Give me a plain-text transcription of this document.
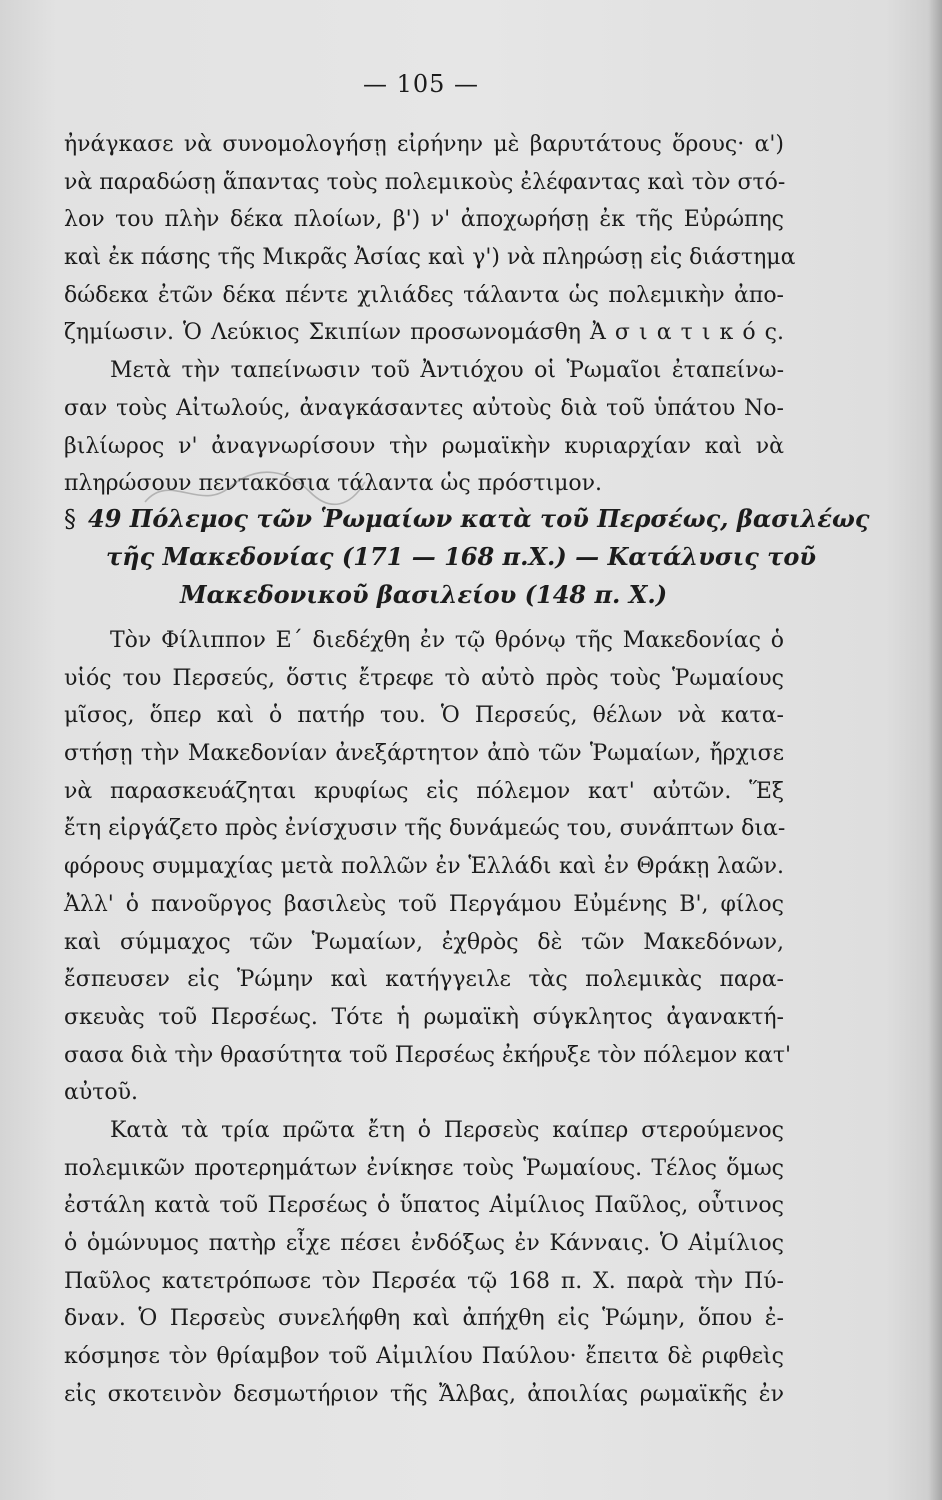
— 105 —
ἠνάγκασε νὰ συνομολογήσῃ εἰρήνην μὲ βαρυτάτους ὅρους· α')
νὰ παραδώσῃ ἅπαντας τοὺς πολεμικοὺς ἐλέφαντας καὶ τὸν στό-
λον του πλὴν δέκα πλοίων, β') ν' ἀποχωρήσῃ ἐκ τῆς Εὐρώπης
καὶ ἐκ πάσης τῆς Μικρᾶς Ἀσίας καὶ γ') νὰ πληρώσῃ εἰς διάστημα
δώδεκα ἐτῶν δέκα πέντε χιλιάδες τάλαντα ὡς πολεμικὴν ἀπο-
ζημίωσιν. Ὁ Λεύκιος Σκιπίων προσωνομάσθη Ἀ σ ι α τ ι κ ό ς.
Μετὰ τὴν ταπείνωσιν τοῦ Ἀντιόχου οἱ Ῥωμαῖοι ἐταπείνω-
σαν τοὺς Αἰτωλούς, ἀναγκάσαντες αὐτοὺς διὰ τοῦ ὑπάτου Νο-
βιλίωρος ν' ἀναγνωρίσουν τὴν ρωμαϊκὴν κυριαρχίαν καὶ νὰ
πληρώσουν πεντακόσια τάλαντα ὡς πρόστιμον.
§ 49 Πόλεμος τῶν Ῥωμαίων κατὰ τοῦ Περσέως, βασιλέως
τῆς Μακεδονίας (171 — 168 π.Χ.) — Κατάλυσις τοῦ
Μακεδονικοῦ βασιλείου (148 π. Χ.)
Τὸν Φίλιππον Ε΄ διεδέχθη ἐν τῷ θρόνῳ τῆς Μακεδονίας ὁ
υἱός του Περσεύς, ὅστις ἔτρεφε τὸ αὐτὸ πρὸς τοὺς Ῥωμαίους
μῖσος, ὅπερ καὶ ὁ πατήρ του. Ὁ Περσεύς, θέλων νὰ κατα-
στήσῃ τὴν Μακεδονίαν ἀνεξάρτητον ἀπὸ τῶν Ῥωμαίων, ἤρχισε
νὰ παρασκευάζηται κρυφίως εἰς πόλεμον κατ' αὐτῶν. Ἕξ
ἔτη εἰργάζετο πρὸς ἐνίσχυσιν τῆς δυνάμεώς του, συνάπτων δια-
φόρους συμμαχίας μετὰ πολλῶν ἐν Ἑλλάδι καὶ ἐν Θράκῃ λαῶν.
Ἀλλ' ὁ πανοῦργος βασιλεὺς τοῦ Περγάμου Εὐμένης Β', φίλος
καὶ σύμμαχος τῶν Ῥωμαίων, ἐχθρὸς δὲ τῶν Μακεδόνων,
ἔσπευσεν εἰς Ῥώμην καὶ κατήγγειλε τὰς πολεμικὰς παρα-
σκευὰς τοῦ Περσέως. Τότε ἡ ρωμαϊκὴ σύγκλητος ἀγανακτή-
σασα διὰ τὴν θρασύτητα τοῦ Περσέως ἐκήρυξε τὸν πόλεμον κατ'
αὐτοῦ.
Κατὰ τὰ τρία πρῶτα ἔτη ὁ Περσεὺς καίπερ στερούμενος
πολεμικῶν προτερημάτων ἐνίκησε τοὺς Ῥωμαίους. Τέλος ὅμως
ἐστάλη κατὰ τοῦ Περσέως ὁ ὕπατος Αἰμίλιος Παῦλος, οὗτινος
ὁ ὁμώνυμος πατὴρ εἶχε πέσει ἐνδόξως ἐν Κάνναις. Ὁ Αἰμίλιος
Παῦλος κατετρόπωσε τὸν Περσέα τῷ 168 π. Χ. παρὰ τὴν Πύ-
δναν. Ὁ Περσεὺς συνελήφθη καὶ ἀπήχθη εἰς Ῥώμην, ὅπου ἐ-
κόσμησε τὸν θρίαμβον τοῦ Αἰμιλίου Παύλου· ἔπειτα δὲ ριφθεὶς
εἰς σκοτεινὸν δεσμωτήριον τῆς Ἄλβας, ἀποιλίας ρωμαϊκῆς ἐν
